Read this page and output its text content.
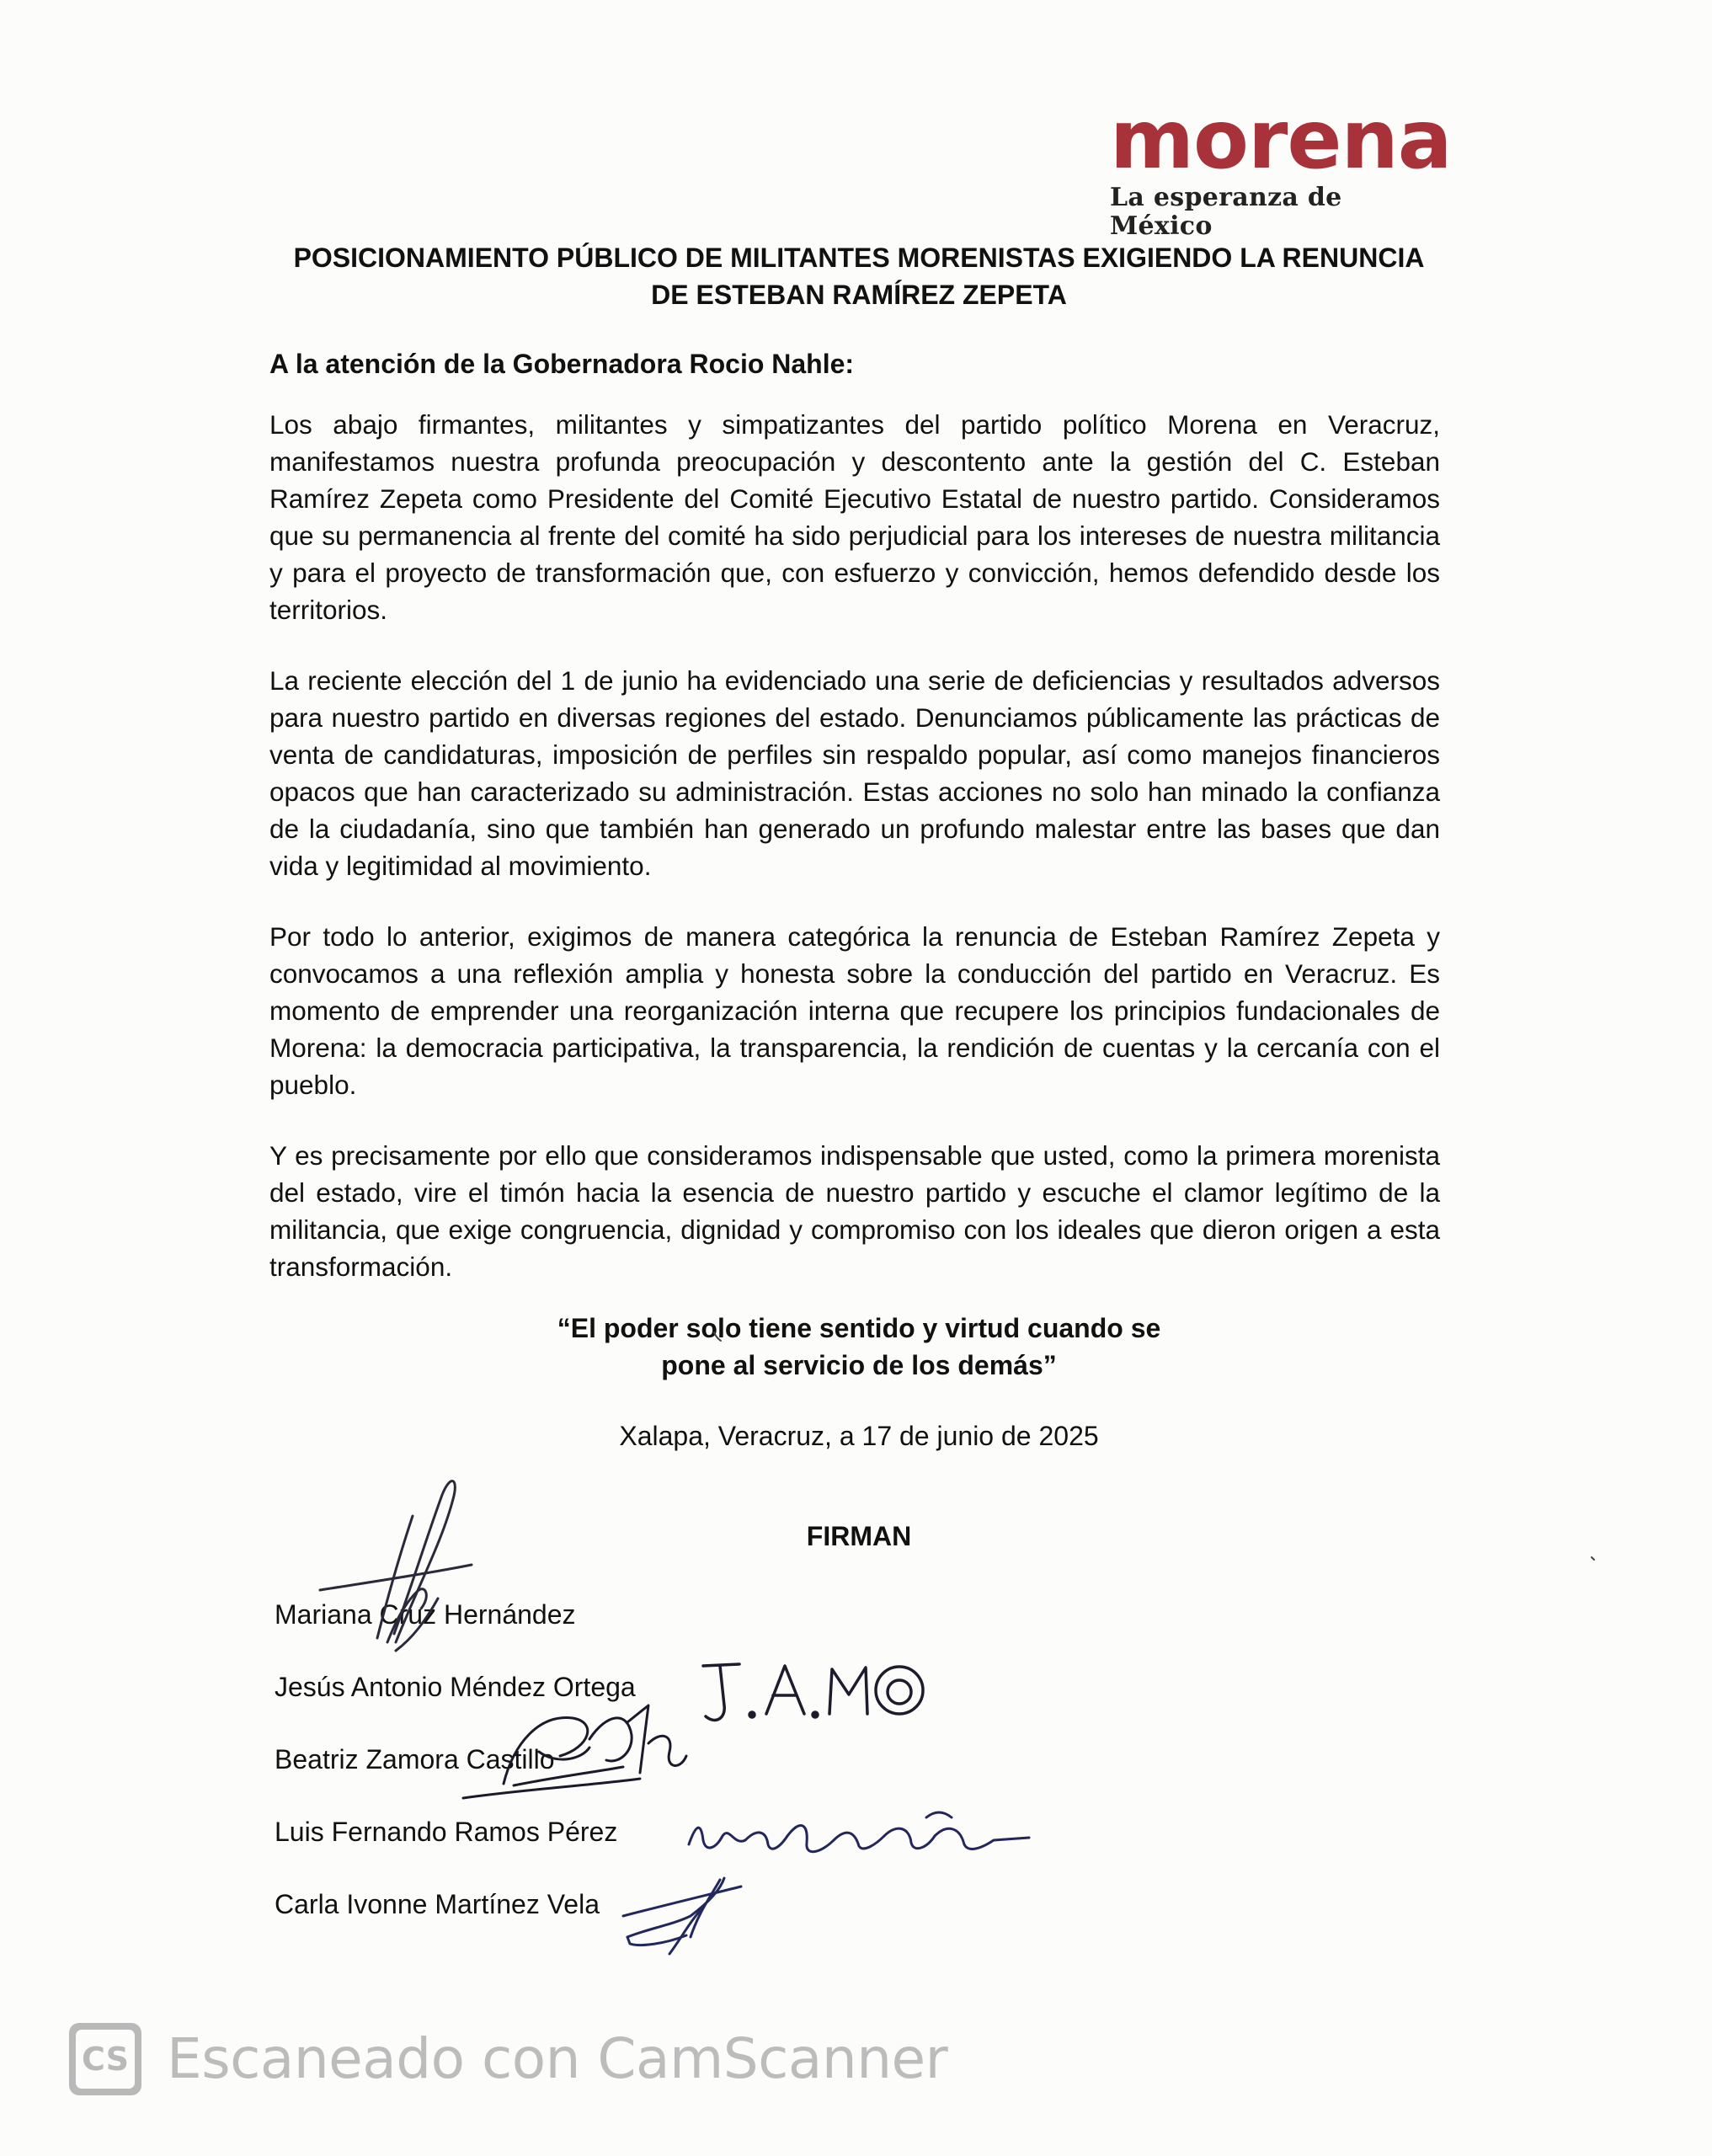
morena
La esperanza de México
POSICIONAMIENTO PÚBLICO DE MILITANTES MORENISTAS EXIGIENDO LA RENUNCIA DE ESTEBAN RAMÍREZ ZEPETA
A la atención de la Gobernadora Rocio Nahle:

Los abajo firmantes, militantes y simpatizantes del partido político Morena en Veracruz, manifestamos nuestra profunda preocupación y descontento ante la gestión del C. Esteban Ramírez Zepeta como Presidente del Comité Ejecutivo Estatal de nuestro partido. Consideramos que su permanencia al frente del comité ha sido perjudicial para los intereses de nuestra militancia y para el proyecto de transformación que, con esfuerzo y convicción, hemos defendido desde los territorios.

La reciente elección del 1 de junio ha evidenciado una serie de deficiencias y resultados adversos para nuestro partido en diversas regiones del estado. Denunciamos públicamente las prácticas de venta de candidaturas, imposición de perfiles sin respaldo popular, así como manejos financieros opacos que han caracterizado su administración. Estas acciones no solo han minado la confianza de la ciudadanía, sino que también han generado un profundo malestar entre las bases que dan vida y legitimidad al movimiento.

Por todo lo anterior, exigimos de manera categórica la renuncia de Esteban Ramírez Zepeta y convocamos a una reflexión amplia y honesta sobre la conducción del partido en Veracruz. Es momento de emprender una reorganización interna que recupere los principios fundacionales de Morena: la democracia participativa, la transparencia, la rendición de cuentas y la cercanía con el pueblo.

Y es precisamente por ello que consideramos indispensable que usted, como la primera morenista del estado, vire el timón hacia la esencia de nuestro partido y escuche el clamor legítimo de la militancia, que exige congruencia, dignidad y compromiso con los ideales que dieron origen a esta transformación.

“El poder solo tiene sentido y virtud cuando se
pone al servicio de los demás”
Xalapa, Veracruz, a 17 de junio de 2025
FIRMAN
Mariana Cruz Hernández
Jesús Antonio Méndez Ortega
Beatriz Zamora Castillo
Luis Fernando Ramos Pérez
Carla Ivonne Martínez Vela
CS Escaneado con CamScanner
